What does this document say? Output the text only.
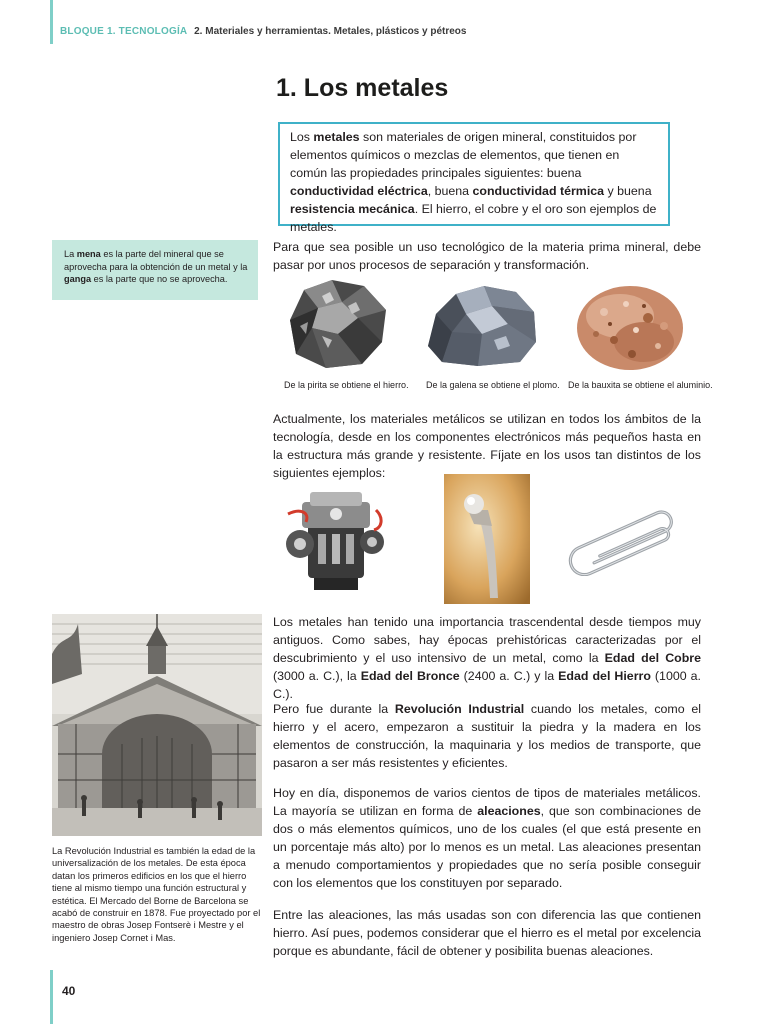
BLOQUE 1. TECNOLOGÍA 2. Materiales y herramientas. Metales, plásticos y pétreos
1. Los metales
Los metales son materiales de origen mineral, constituidos por elementos químicos o mezclas de elementos, que tienen en común las propiedades principales siguientes: buena conductividad eléctrica, buena conductividad térmica y buena resistencia mecánica. El hierro, el cobre y el oro son ejemplos de metales.
La mena es la parte del mineral que se aprovecha para la obtención de un metal y la ganga es la parte que no se aprovecha.

Para que sea posible un uso tecnológico de la materia prima mineral, debe pasar por unos procesos de separación y transformación.

De la pirita se obtiene el hierro. De la galena se obtiene el plomo. De la bauxita se obtiene el aluminio.

Actualmente, los materiales metálicos se utilizan en todos los ámbitos de la tecnología, desde en los componentes electrónicos más pequeños hasta en la estructura más grande y resistente. Fíjate en los usos tan distintos de los siguientes ejemplos:

La Revolución Industrial es también la edad de la universalización de los metales. De esta época datan los primeros edificios en los que el hierro tiene al mismo tiempo una función estructural y estética. El Mercado del Borne de Barcelona se acabó de construir en 1878. Fue proyectado por el maestro de obras Josep Fontserè i Mestre y el ingeniero Josep Cornet i Mas.

Los metales han tenido una importancia trascendental desde tiempos muy antiguos. Como sabes, hay épocas prehistóricas caracterizadas por el descubrimiento y el uso intensivo de un metal, como la Edad del Cobre (3000 a. C.), la Edad del Bronce (2400 a. C.) y la Edad del Hierro (1000 a. C.).

Pero fue durante la Revolución Industrial cuando los metales, como el hierro y el acero, empezaron a sustituir la piedra y la madera en los elementos de construcción, la maquinaria y los medios de transporte, que pasaron a ser más resistentes y eficientes.

Hoy en día, disponemos de varios cientos de tipos de materiales metálicos. La mayoría se utilizan en forma de aleaciones, que son combinaciones de dos o más elementos químicos, uno de los cuales (el que está presente en un porcentaje más alto) por lo menos es un metal. Las aleaciones presentan a menudo comportamientos y propiedades que no sería posible conseguir con los elementos que los constituyen por separado.

Entre las aleaciones, las más usadas son con diferencia las que contienen hierro. Así pues, podemos considerar que el hierro es el metal por excelencia porque es abundante, fácil de obtener y posibilita buenas aleaciones.

40
